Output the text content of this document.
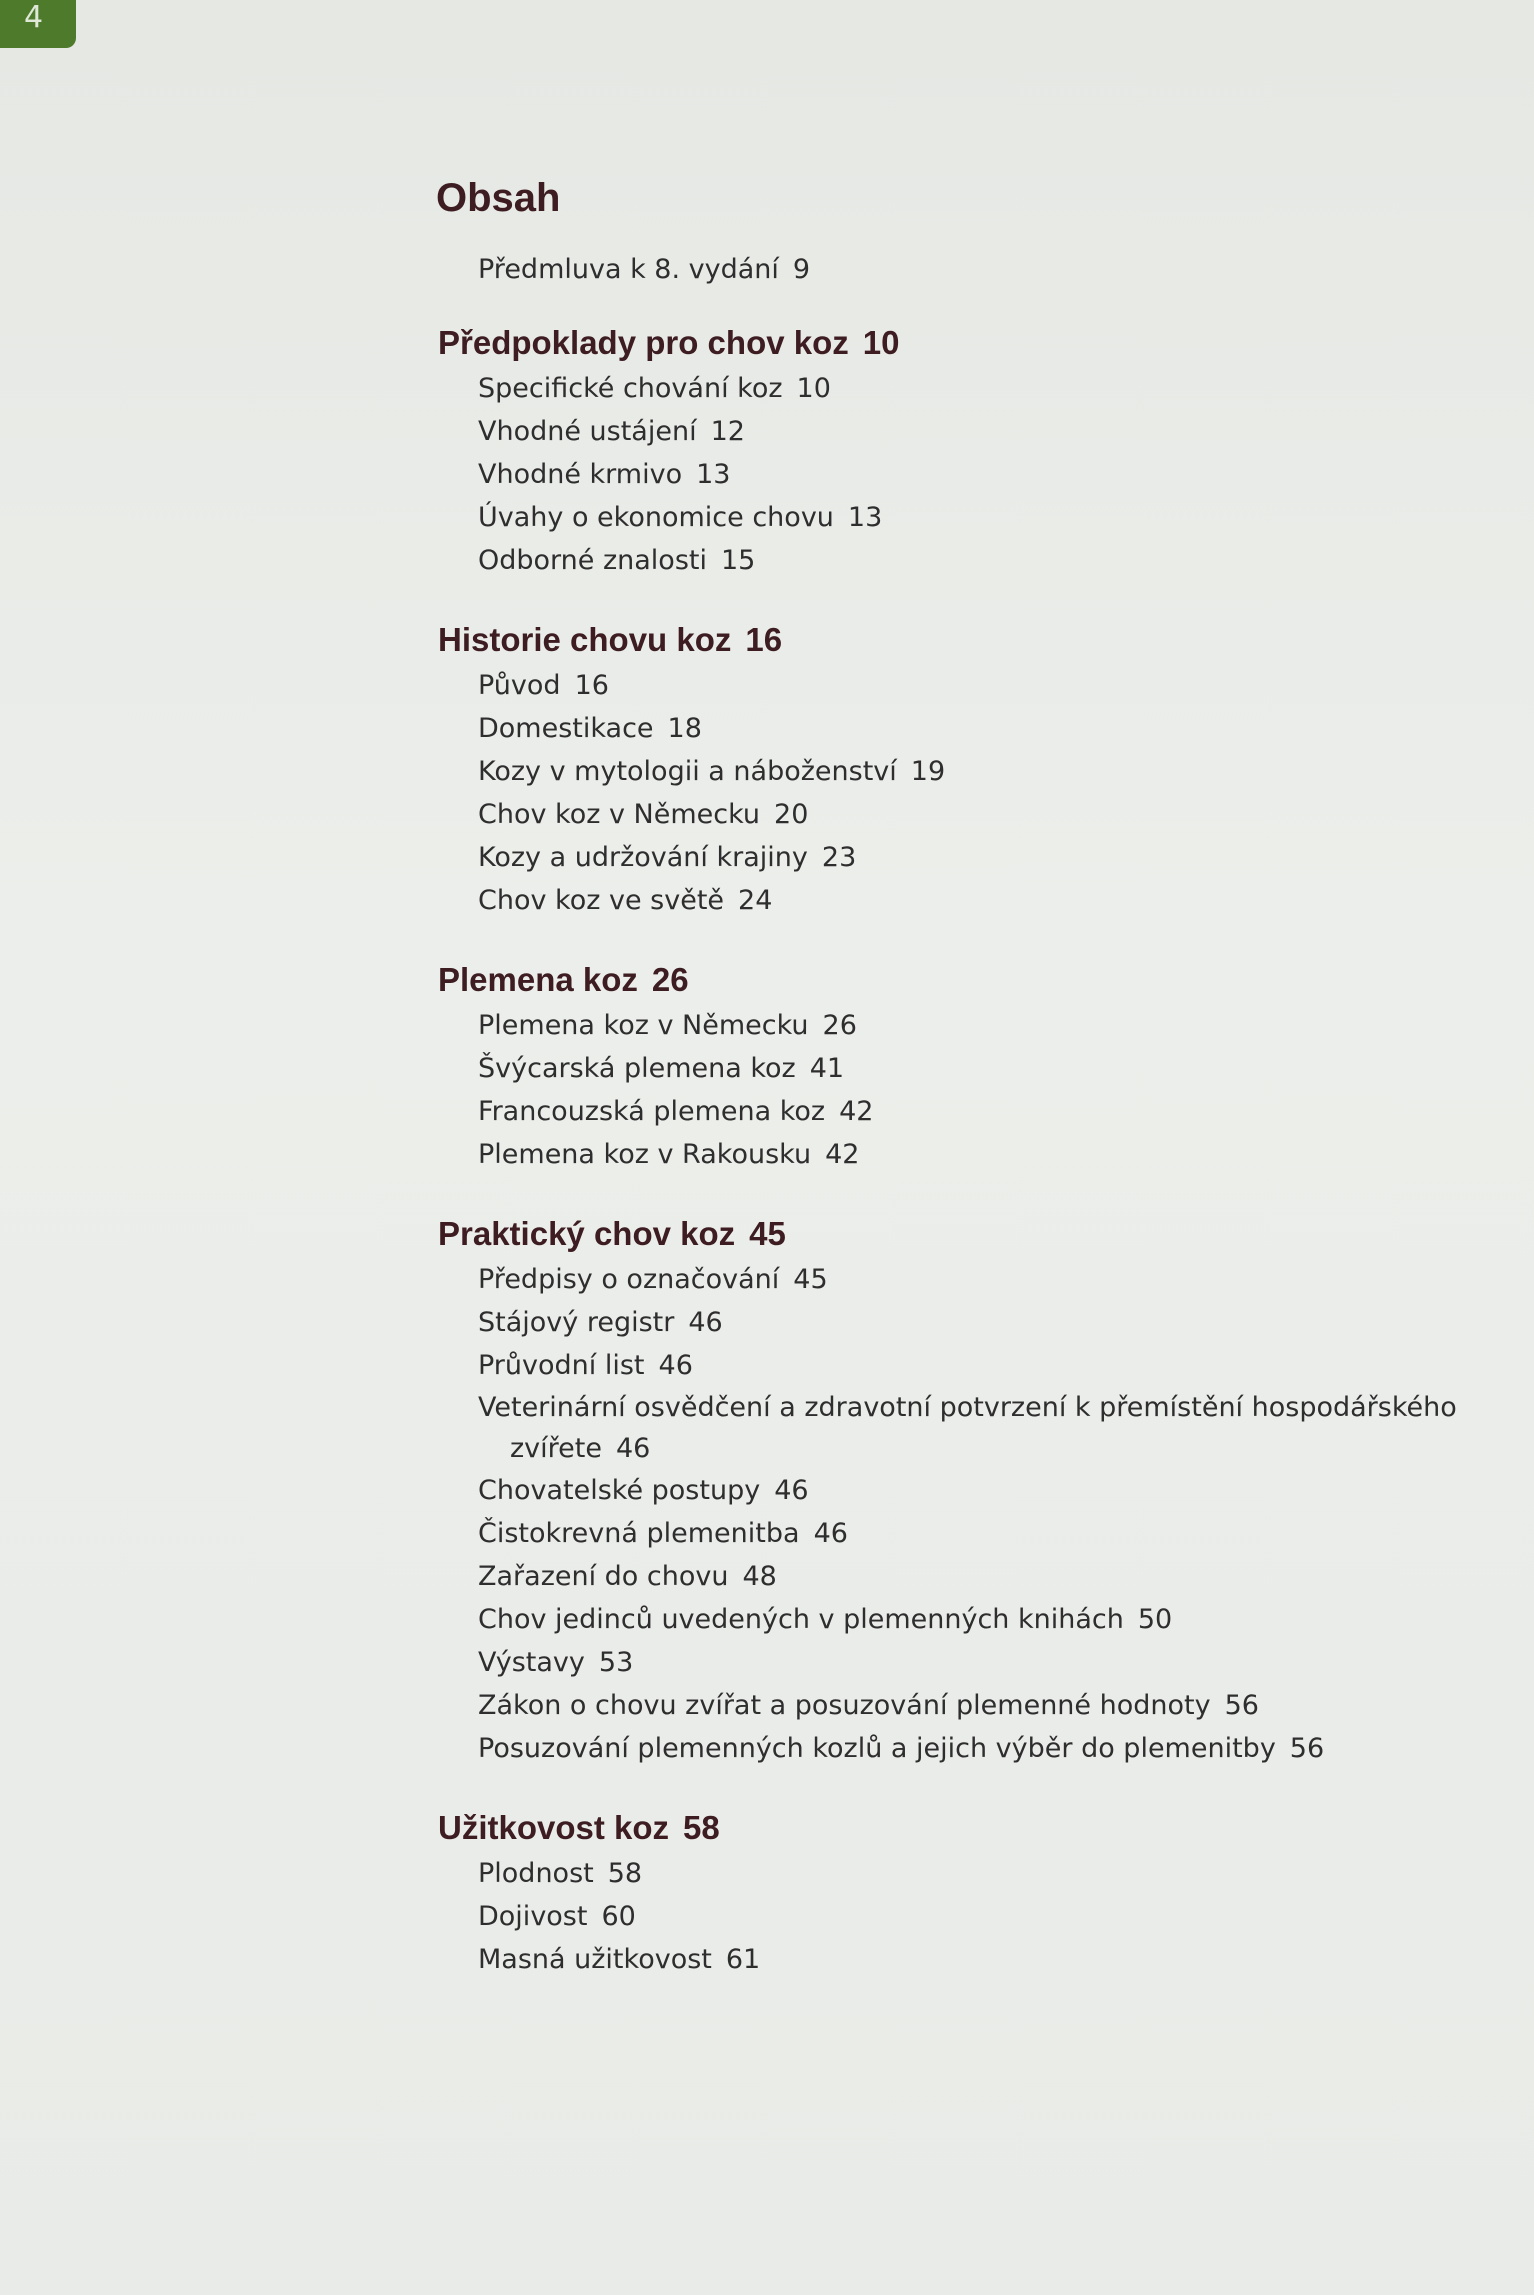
4
Obsah
Předmluva k 8. vydání 9
Předpoklady pro chov koz 10
Specifické chování koz 10
Vhodné ustájení 12
Vhodné krmivo 13
Úvahy o ekonomice chovu 13
Odborné znalosti 15
Historie chovu koz 16
Původ 16
Domestikace 18
Kozy v mytologii a náboženství 19
Chov koz v Německu 20
Kozy a udržování krajiny 23
Chov koz ve světě 24
Plemena koz 26
Plemena koz v Německu 26
Švýcarská plemena koz 41
Francouzská plemena koz 42
Plemena koz v Rakousku 42
Praktický chov koz 45
Předpisy o označování 45
Stájový registr 46
Průvodní list 46
Veterinární osvědčení a zdravotní potvrzení k přemístění hospodářského zvířete 46
Chovatelské postupy 46
Čistokrevná plemenitba 46
Zařazení do chovu 48
Chov jedinců uvedených v plemenných knihách 50
Výstavy 53
Zákon o chovu zvířat a posuzování plemenné hodnoty 56
Posuzování plemenných kozlů a jejich výběr do plemenitby 56
Užitkovost koz 58
Plodnost 58
Dojivost 60
Masná užitkovost 61
